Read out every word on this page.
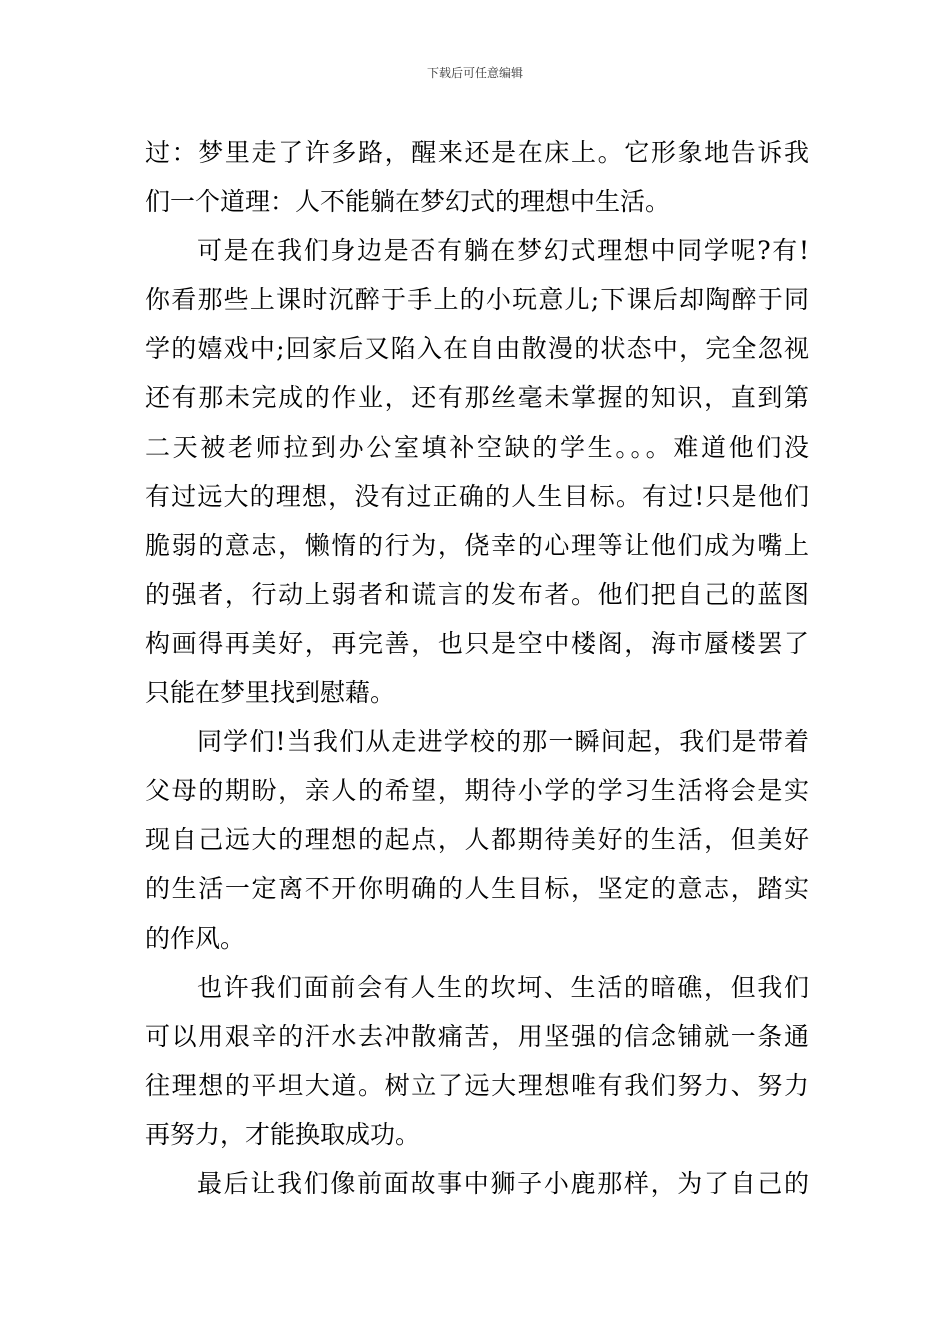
下载后可任意编辑
过：梦里走了许多路，醒来还是在床上。它形象地告诉我
们一个道理：人不能躺在梦幻式的理想中生活。
可是在我们身边是否有躺在梦幻式理想中同学呢?有!
你看那些上课时沉醉于手上的小玩意儿;下课后却陶醉于同
学的嬉戏中;回家后又陷入在自由散漫的状态中，完全忽视
还有那未完成的作业，还有那丝毫未掌握的知识，直到第
二天被老师拉到办公室填补空缺的学生。。。难道他们没
有过远大的理想，没有过正确的人生目标。有过!只是他们
脆弱的意志，懒惰的行为，侥幸的心理等让他们成为嘴上
的强者，行动上弱者和谎言的发布者。他们把自己的蓝图
构画得再美好，再完善，也只是空中楼阁，海市蜃楼罢了
只能在梦里找到慰藉。
同学们!当我们从走进学校的那一瞬间起，我们是带着
父母的期盼，亲人的希望，期待小学的学习生活将会是实
现自己远大的理想的起点，人都期待美好的生活，但美好
的生活一定离不开你明确的人生目标，坚定的意志，踏实
的作风。
也许我们面前会有人生的坎坷、生活的暗礁，但我们
可以用艰辛的汗水去冲散痛苦，用坚强的信念铺就一条通
往理想的平坦大道。树立了远大理想唯有我们努力、努力
再努力，才能换取成功。
最后让我们像前面故事中狮子小鹿那样，为了自己的
